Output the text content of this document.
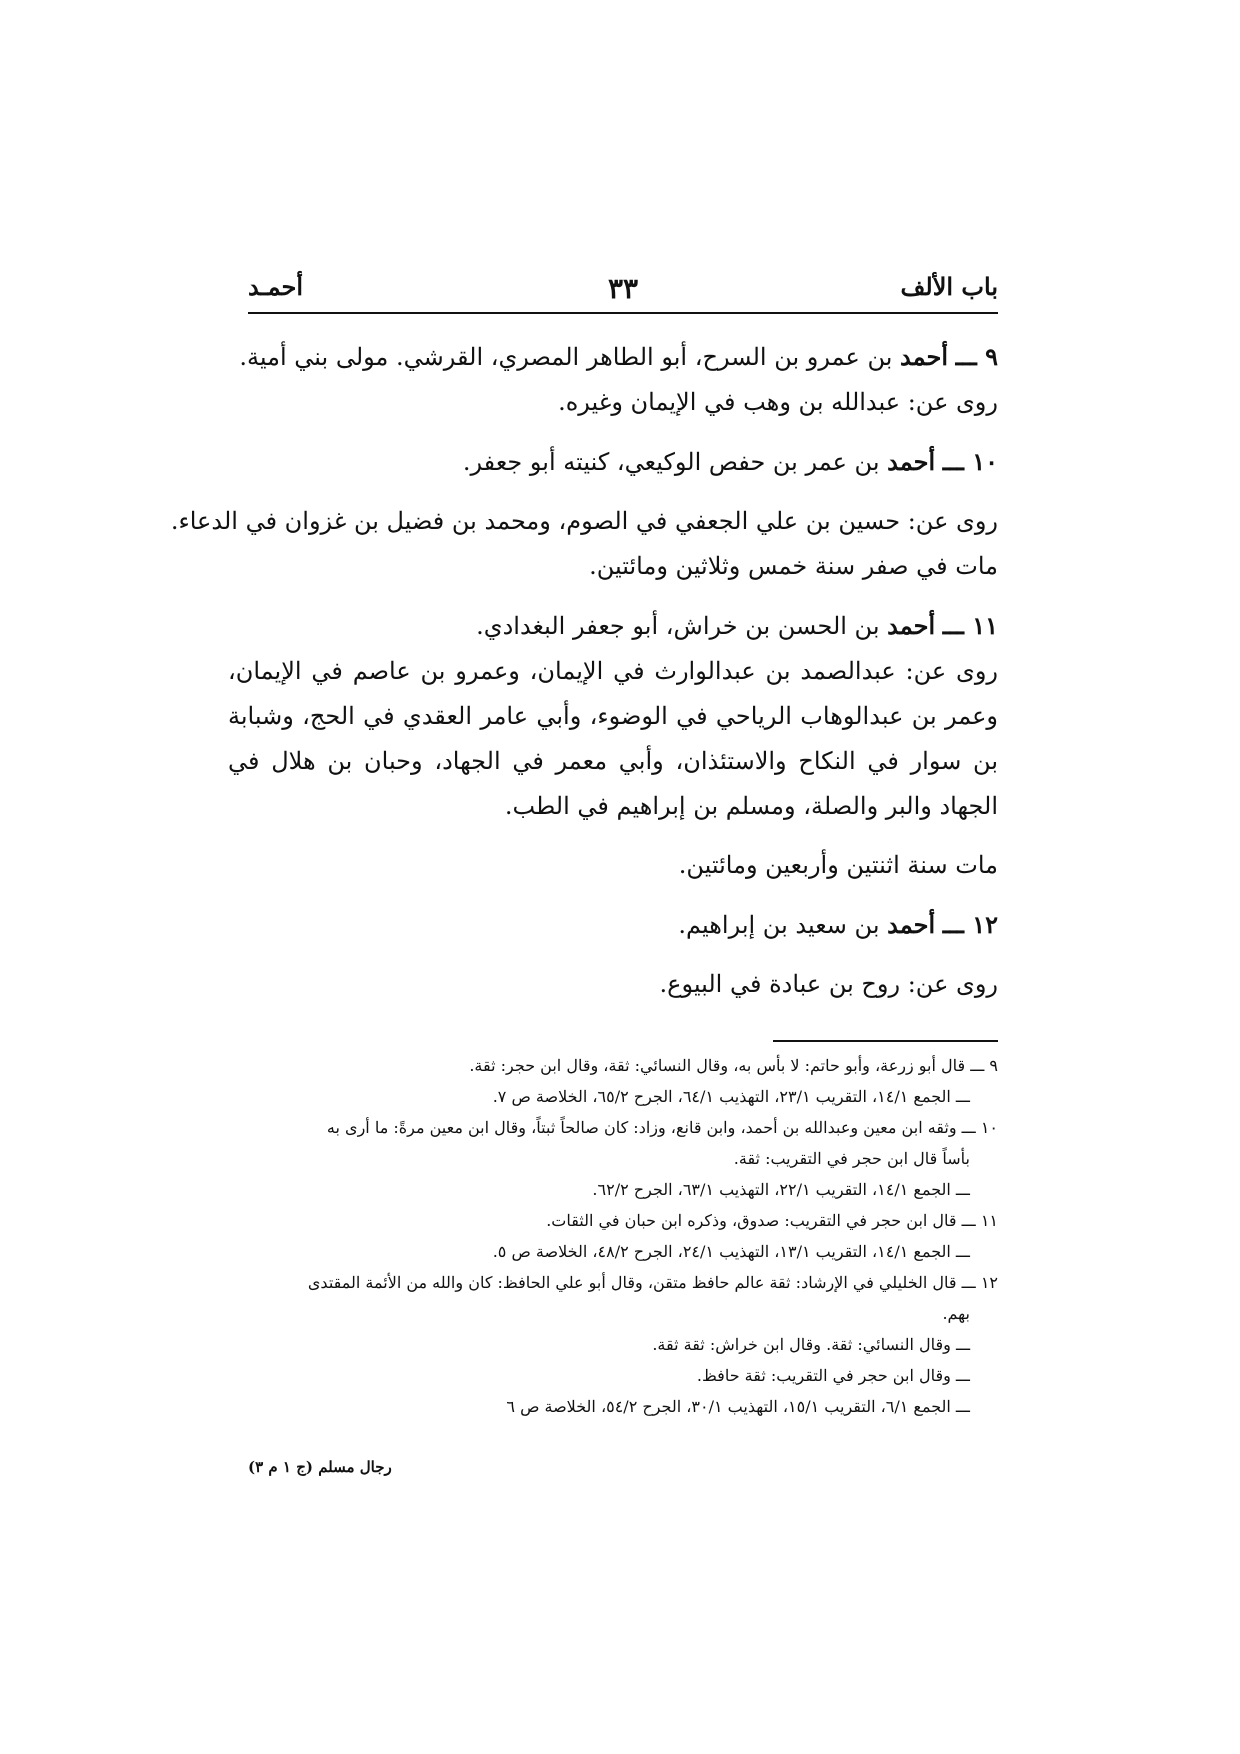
باب الألف
٣٣
أحمـد

٩ ـــ أحمد بن عمرو بن السرح، أبو الطاهر المصري، القرشي. مولى بني أمية.

روى عن: عبدالله بن وهب في الإيمان وغيره.

١٠ ـــ أحمد بن عمر بن حفص الوكيعي، كنيته أبو جعفر.

روى عن: حسين بن علي الجعفي في الصوم، ومحمد بن فضيل بن غزوان في الدعاء.

مات في صفر سنة خمس وثلاثين ومائتين.

١١ ـــ أحمد بن الحسن بن خراش، أبو جعفر البغدادي.

روى عن: عبدالصمد بن عبدالوارث في الإيمان، وعمرو بن عاصم في الإيمان، وعمر بن عبدالوهاب الرياحي في الوضوء، وأبي عامر العقدي في الحج، وشبابة بن سوار في النكاح والاستئذان، وأبي معمر في الجهاد، وحبان بن هلال في الجهاد والبر والصلة، ومسلم بن إبراهيم في الطب.

مات سنة اثنتين وأربعين ومائتين.

١٢ ـــ أحمد بن سعيد بن إبراهيم.

روى عن: روح بن عبادة في البيوع.

٩ ـــ قال أبو زرعة، وأبو حاتم: لا بأس به، وقال النسائي: ثقة، وقال ابن حجر: ثقة.

ـــ الجمع ١٤/١، التقريب ٢٣/١، التهذيب ٦٤/١، الجرح ٦٥/٢، الخلاصة ص ٧.

١٠ ـــ وثقه ابن معين وعبدالله بن أحمد، وابن قانع، وزاد: كان صالحاً ثبتاً، وقال ابن معين مرةً: ما أرى به

بأساً قال ابن حجر في التقريب: ثقة.

ـــ الجمع ١٤/١، التقريب ٢٢/١، التهذيب ٦٣/١، الجرح ٦٢/٢.

١١ ـــ قال ابن حجر في التقريب: صدوق، وذكره ابن حبان في الثقات.

ـــ الجمع ١٤/١، التقريب ١٣/١، التهذيب ٢٤/١، الجرح ٤٨/٢، الخلاصة ص ٥.

١٢ ـــ قال الخليلي في الإرشاد: ثقة عالم حافظ متقن، وقال أبو علي الحافظ: كان والله من الأئمة المقتدى

بهم.

ـــ وقال النسائي: ثقة. وقال ابن خراش: ثقة ثقة.

ـــ وقال ابن حجر في التقريب: ثقة حافظ.

ـــ الجمع ٦/١، التقريب ١٥/١، التهذيب ٣٠/١، الجرح ٥٤/٢، الخلاصة ص ٦

رجال مسلم (ج ١ م ٣)
